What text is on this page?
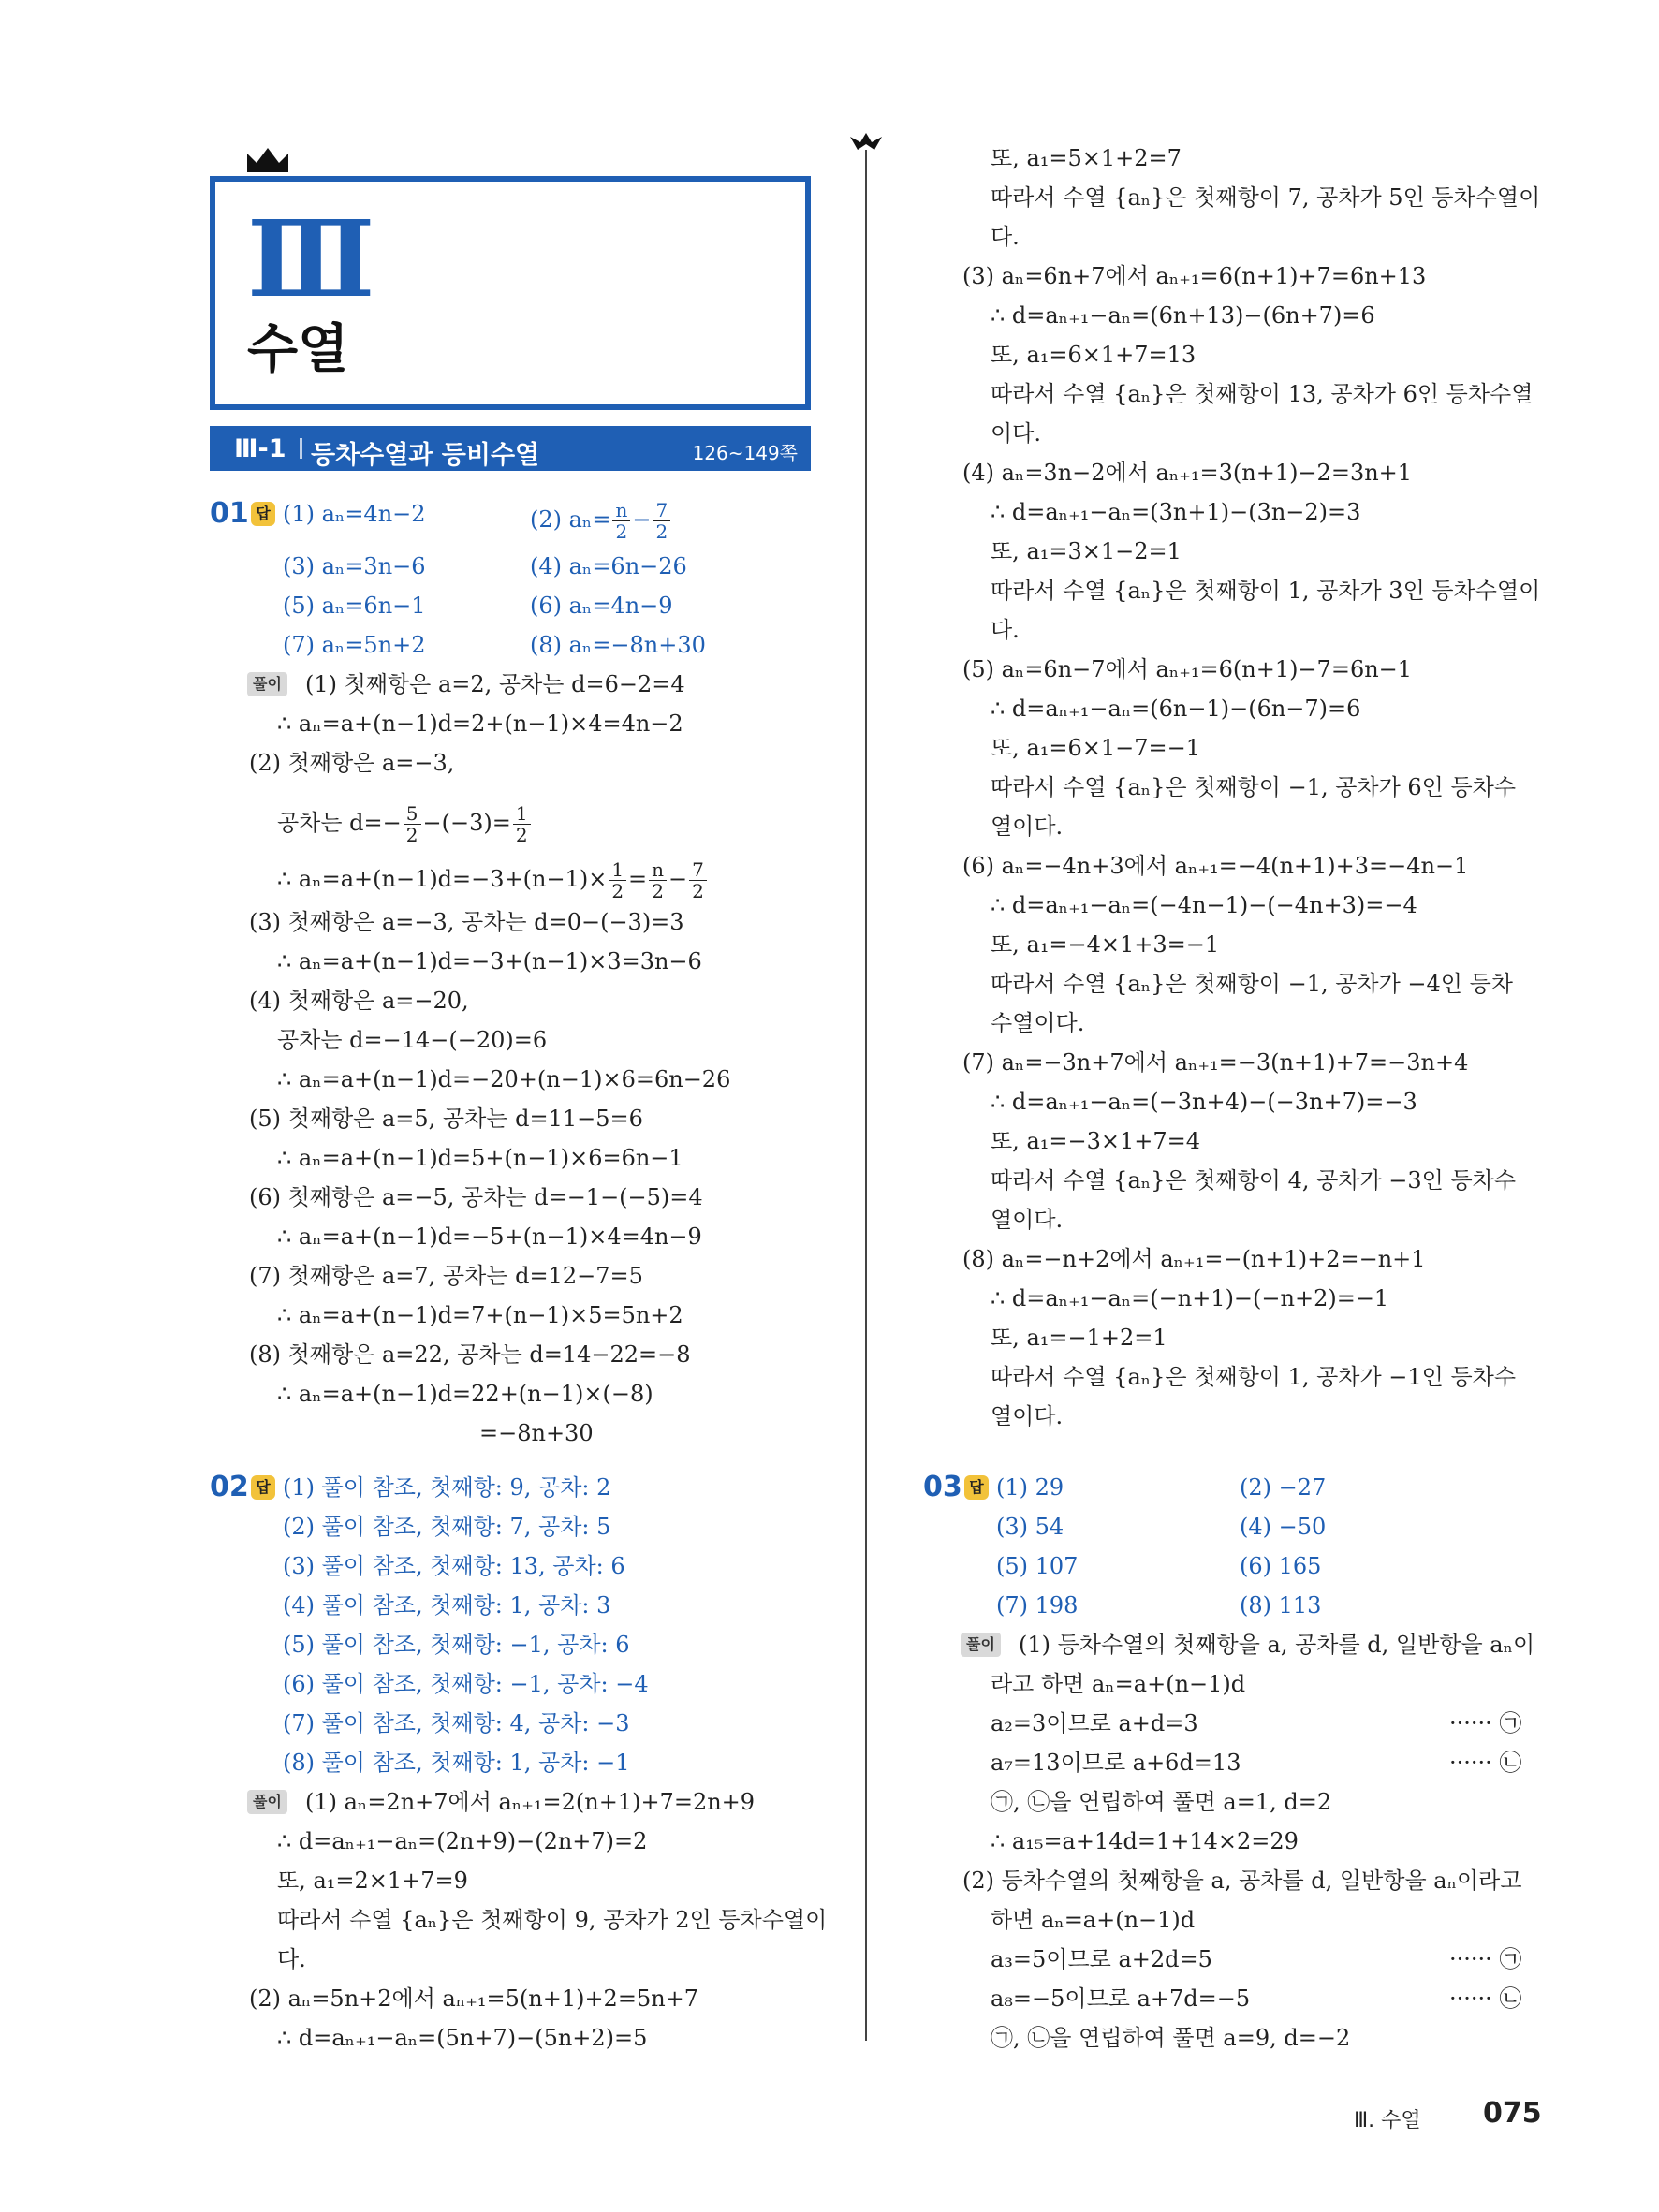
Ⅲ
수열
Ⅲ-1 등차수열과 등비수열	126~149쪽
01 답 (1) aₙ=4n−2	(2) $a_n= \frac{n}{2} - \frac{7}{2}$
(3) aₙ=3n−6	(4) aₙ=6n−26
(5) aₙ=6n−1	(6) aₙ=4n−9
(7) aₙ=5n+2	(8) aₙ=−8n+30
풀이 (1) 첫째항은 a=2, 공차는 d=6−2=4
∴ aₙ=a+(n−1)d=2+(n−1)×4=4n−2
(2) 첫째항은 a=−3,
공차는 $d=- \frac{5}{2} -(-3)= \frac{1}{2}$
∴ $a_n=a+(n-1)d=-3+(n-1)\times \frac{1}{2} = \frac{n}{2} - \frac{7}{2}$
(3) 첫째항은 a=−3, 공차는 d=0−(−3)=3
∴ aₙ=a+(n−1)d=−3+(n−1)×3=3n−6
(4) 첫째항은 a=−20,
공차는 d=−14−(−20)=6
∴ aₙ=a+(n−1)d=−20+(n−1)×6=6n−26
(5) 첫째항은 a=5, 공차는 d=11−5=6
∴ aₙ=a+(n−1)d=5+(n−1)×6=6n−1
(6) 첫째항은 a=−5, 공차는 d=−1−(−5)=4
∴ aₙ=a+(n−1)d=−5+(n−1)×4=4n−9
(7) 첫째항은 a=7, 공차는 d=12−7=5
∴ aₙ=a+(n−1)d=7+(n−1)×5=5n+2
(8) 첫째항은 a=22, 공차는 d=14−22=−8
∴ aₙ=a+(n−1)d=22+(n−1)×(−8)
=−8n+30
02 답 (1) 풀이 참조, 첫째항: 9, 공차: 2
(2) 풀이 참조, 첫째항: 7, 공차: 5
(3) 풀이 참조, 첫째항: 13, 공차: 6
(4) 풀이 참조, 첫째항: 1, 공차: 3
(5) 풀이 참조, 첫째항: −1, 공차: 6
(6) 풀이 참조, 첫째항: −1, 공차: −4
(7) 풀이 참조, 첫째항: 4, 공차: −3
(8) 풀이 참조, 첫째항: 1, 공차: −1
풀이 (1) aₙ=2n+7에서 aₙ₊₁=2(n+1)+7=2n+9
∴ d=aₙ₊₁−aₙ=(2n+9)−(2n+7)=2
또, a₁=2×1+7=9
따라서 수열 {aₙ}은 첫째항이 9, 공차가 2인 등차수열이
다.
(2) aₙ=5n+2에서 aₙ₊₁=5(n+1)+2=5n+7
∴ d=aₙ₊₁−aₙ=(5n+7)−(5n+2)=5
또, a₁=5×1+2=7
따라서 수열 {aₙ}은 첫째항이 7, 공차가 5인 등차수열이
다.
(3) aₙ=6n+7에서 aₙ₊₁=6(n+1)+7=6n+13
∴ d=aₙ₊₁−aₙ=(6n+13)−(6n+7)=6
또, a₁=6×1+7=13
따라서 수열 {aₙ}은 첫째항이 13, 공차가 6인 등차수열
이다.
(4) aₙ=3n−2에서 aₙ₊₁=3(n+1)−2=3n+1
∴ d=aₙ₊₁−aₙ=(3n+1)−(3n−2)=3
또, a₁=3×1−2=1
따라서 수열 {aₙ}은 첫째항이 1, 공차가 3인 등차수열이
다.
(5) aₙ=6n−7에서 aₙ₊₁=6(n+1)−7=6n−1
∴ d=aₙ₊₁−aₙ=(6n−1)−(6n−7)=6
또, a₁=6×1−7=−1
따라서 수열 {aₙ}은 첫째항이 −1, 공차가 6인 등차수
열이다.
(6) aₙ=−4n+3에서 aₙ₊₁=−4(n+1)+3=−4n−1
∴ d=aₙ₊₁−aₙ=(−4n−1)−(−4n+3)=−4
또, a₁=−4×1+3=−1
따라서 수열 {aₙ}은 첫째항이 −1, 공차가 −4인 등차
수열이다.
(7) aₙ=−3n+7에서 aₙ₊₁=−3(n+1)+7=−3n+4
∴ d=aₙ₊₁−aₙ=(−3n+4)−(−3n+7)=−3
또, a₁=−3×1+7=4
따라서 수열 {aₙ}은 첫째항이 4, 공차가 −3인 등차수
열이다.
(8) aₙ=−n+2에서 aₙ₊₁=−(n+1)+2=−n+1
∴ d=aₙ₊₁−aₙ=(−n+1)−(−n+2)=−1
또, a₁=−1+2=1
따라서 수열 {aₙ}은 첫째항이 1, 공차가 −1인 등차수
열이다.
03 답 (1) 29	(2) −27
(3) 54	(4) −50
(5) 107	(6) 165
(7) 198	(8) 113
풀이 (1) 등차수열의 첫째항을 a, 공차를 d, 일반항을 aₙ이
라고 하면 aₙ=a+(n−1)d
a₂=3이므로 a+d=3	······ ㉠
a₇=13이므로 a+6d=13	······ ㉡
㉠, ㉡을 연립하여 풀면 a=1, d=2
∴ a₁₅=a+14d=1+14×2=29
(2) 등차수열의 첫째항을 a, 공차를 d, 일반항을 aₙ이라고
하면 aₙ=a+(n−1)d
a₃=5이므로 a+2d=5	······ ㉠
a₈=−5이므로 a+7d=−5	······ ㉡
㉠, ㉡을 연립하여 풀면 a=9, d=−2
Ⅲ. 수열 075
